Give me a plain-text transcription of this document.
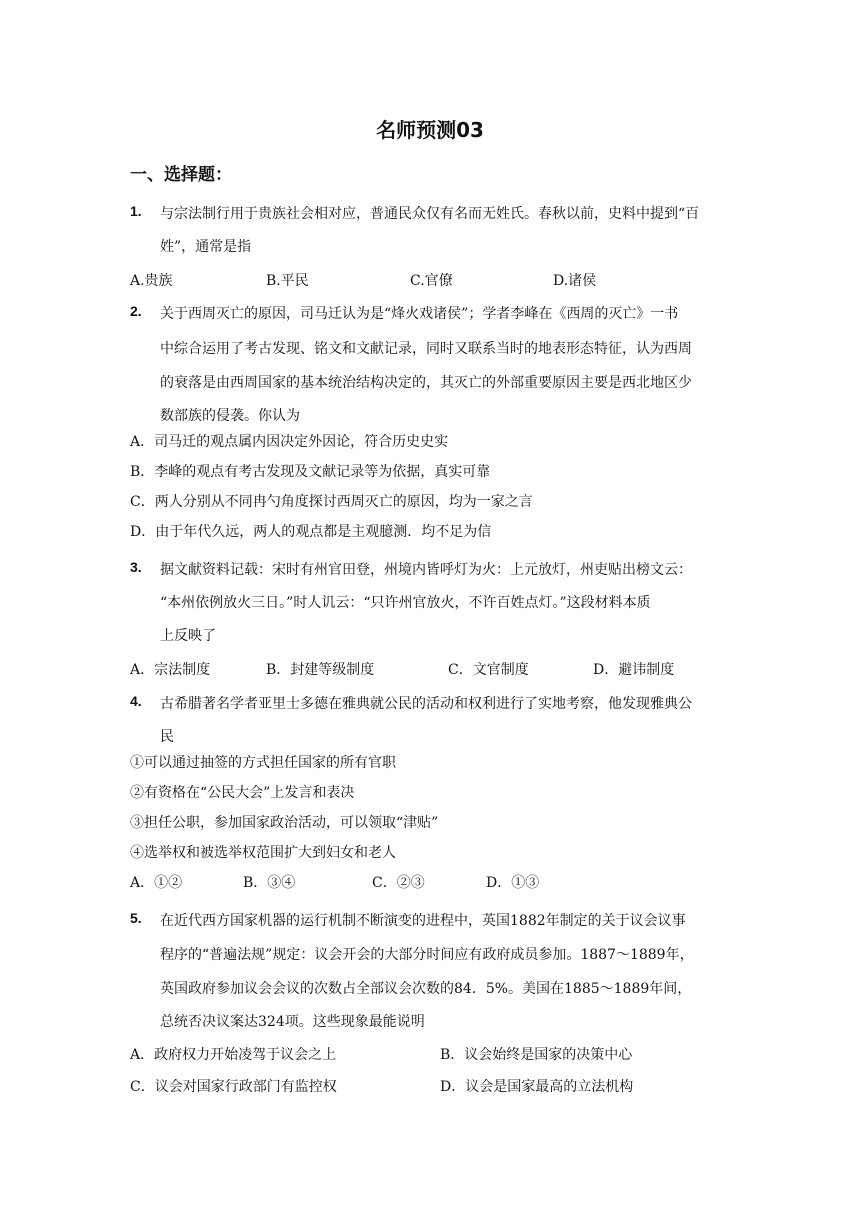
名师预测03
一、选择题：
1. 与宗法制行用于贵族社会相对应，普通民众仅有名而无姓氏。春秋以前，史料中提到“百
姓”，通常是指
A.贵族	B.平民	C.官僚	D.诸侯
2. 关于西周灭亡的原因，司马迁认为是“烽火戏诸侯”；学者李峰在《西周的灭亡》一书
中综合运用了考古发现、铭文和文献记录，同时又联系当时的地表形态特征，认为西周
的衰落是由西周国家的基本统治结构决定的，其灭亡的外部重要原因主要是西北地区少
数部族的侵袭。你认为
A．司马迁的观点属内因决定外因论，符合历史史实
B．李峰的观点有考古发现及文献记录等为依据，真实可靠
C．两人分别从不同冉勺角度探讨西周灭亡的原因，均为一家之言
D．由于年代久远，两人的观点都是主观臆测．均不足为信
3. 据文献资料记载：宋时有州官田登，州境内皆呼灯为火：上元放灯，州吏贴出榜文云：
“本州依例放火三日。”时人讥云：“只许州官放火，不许百姓点灯。”这段材料本质
上反映了
A．宗法制度	B．封建等级制度	C．文官制度	D．避讳制度
4. 古希腊著名学者亚里士多德在雅典就公民的活动和权利进行了实地考察，他发现雅典公
民
①可以通过抽签的方式担任国家的所有官职
②有资格在“公民大会”上发言和表决
③担任公职，参加国家政治活动，可以领取“津贴”
④选举权和被选举权范围扩大到妇女和老人
A．①②	B．③④	C．②③	D．①③
5. 在近代西方国家机器的运行机制不断演变的进程中，英国1882年制定的关于议会议事
程序的“普遍法规”规定：议会开会的大部分时间应有政府成员参加。1887～1889年，
英国政府参加议会会议的次数占全部议会次数的84．5%。美国在1885～1889年间，
总统否决议案达324项。这些现象最能说明
A．政府权力开始凌驾于议会之上	B．议会始终是国家的决策中心
C．议会对国家行政部门有监控权	D．议会是国家最高的立法机构
